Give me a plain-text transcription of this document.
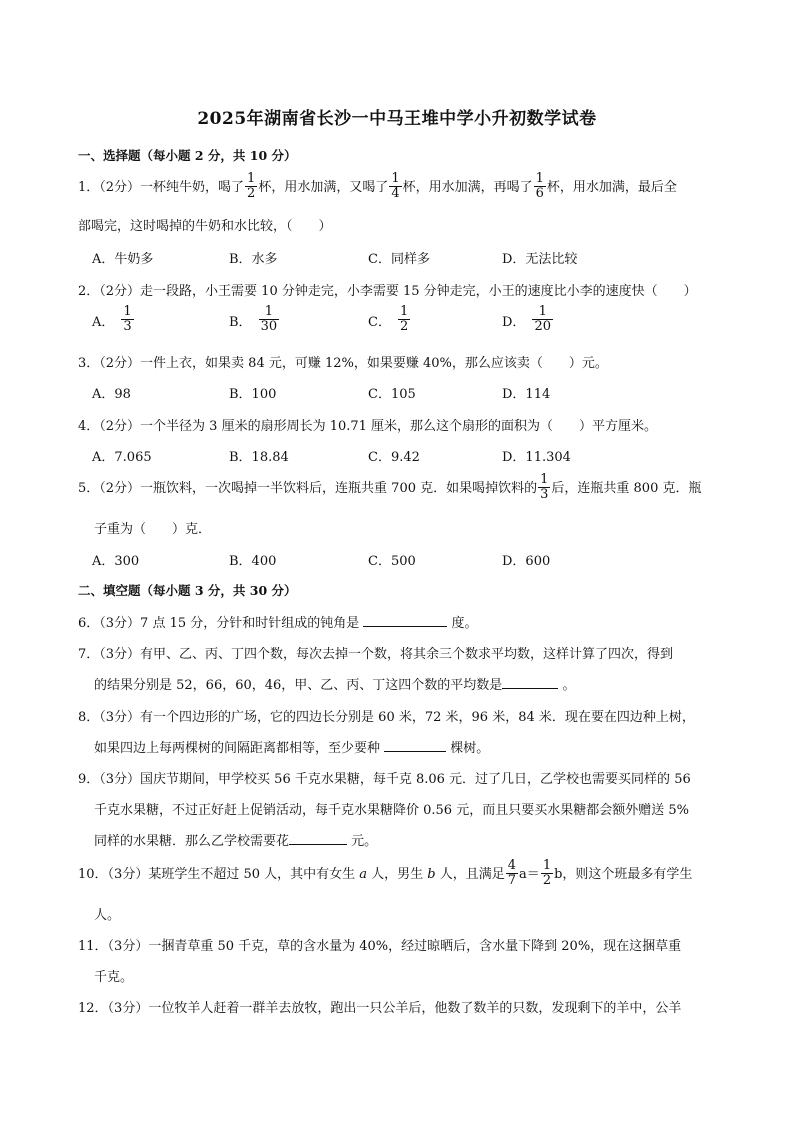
2025年湖南省长沙一中马王堆中学小升初数学试卷
一、选择题（每小题 2 分，共 10 分）
1．（2分）一杯纯牛奶，喝了 $\frac{1}{2}$ 杯，用水加满，又喝了 $\frac{1}{4}$ 杯，用水加满，再喝了 $\frac{1}{6}$ 杯，用水加满，最后全
部喝完，这时喝掉的牛奶和水比较，（　　）
A．牛奶多	B．水多	C．同样多	D．无法比较
2．（2分）走一段路，小王需要 10 分钟走完，小李需要 15 分钟走完，小王的速度比小李的速度快（　　）
A． $\frac{1}{3}$	B． $\frac{1}{30}$	C． $\frac{1}{2}$	D． $\frac{1}{20}$
3．（2分）一件上衣，如果卖 84 元，可赚 12%，如果要赚 40%，那么应该卖（　　）元。
A．98	B．100	C．105	D．114
4．（2分）一个半径为 3 厘米的扇形周长为 10.71 厘米，那么这个扇形的面积为（　　）平方厘米。
A．7.065	B．18.84	C．9.42	D．11.304
5．（2分）一瓶饮料，一次喝掉一半饮料后，连瓶共重 700 克．如果喝掉饮料的 $\frac{1}{3}$ 后，连瓶共重 800 克．瓶
子重为（　　）克．
A．300	B．400	C．500	D．600
二、填空题（每小题 3 分，共 30 分）
6．（3分）7 点 15 分，分针和时针组成的钝角是	度。
7．（3分）有甲、乙、丙、丁四个数，每次去掉一个数，将其余三个数求平均数，这样计算了四次，得到
的结果分别是 52，66，60，46，甲、乙、丙、丁这四个数的平均数是	。
8．（3分）有一个四边形的广场，它的四边长分别是 60 米，72 米，96 米，84 米．现在要在四边种上树，
如果四边上每两棵树的间隔距离都相等，至少要种	棵树。
9．（3分）国庆节期间，甲学校买 56 千克水果糖，每千克 8.06 元．过了几日，乙学校也需要买同样的 56
千克水果糖，不过正好赶上促销活动，每千克水果糖降价 0.56 元，而且只要买水果糖都会额外赠送 5%
同样的水果糖．那么乙学校需要花	元。
10．（3分）某班学生不超过 50 人，其中有女生 a 人，男生 b 人，且满足 $\frac{4}{7} a= \frac{1}{2}$ b，则这个班最多有学生
人。
11．（3分）一捆青草重 50 千克，草的含水量为 40%，经过晾晒后，含水量下降到 20%，现在这捆草重
千克。
12．（3分）一位牧羊人赶着一群羊去放牧，跑出一只公羊后，他数了数羊的只数，发现剩下的羊中，公羊
